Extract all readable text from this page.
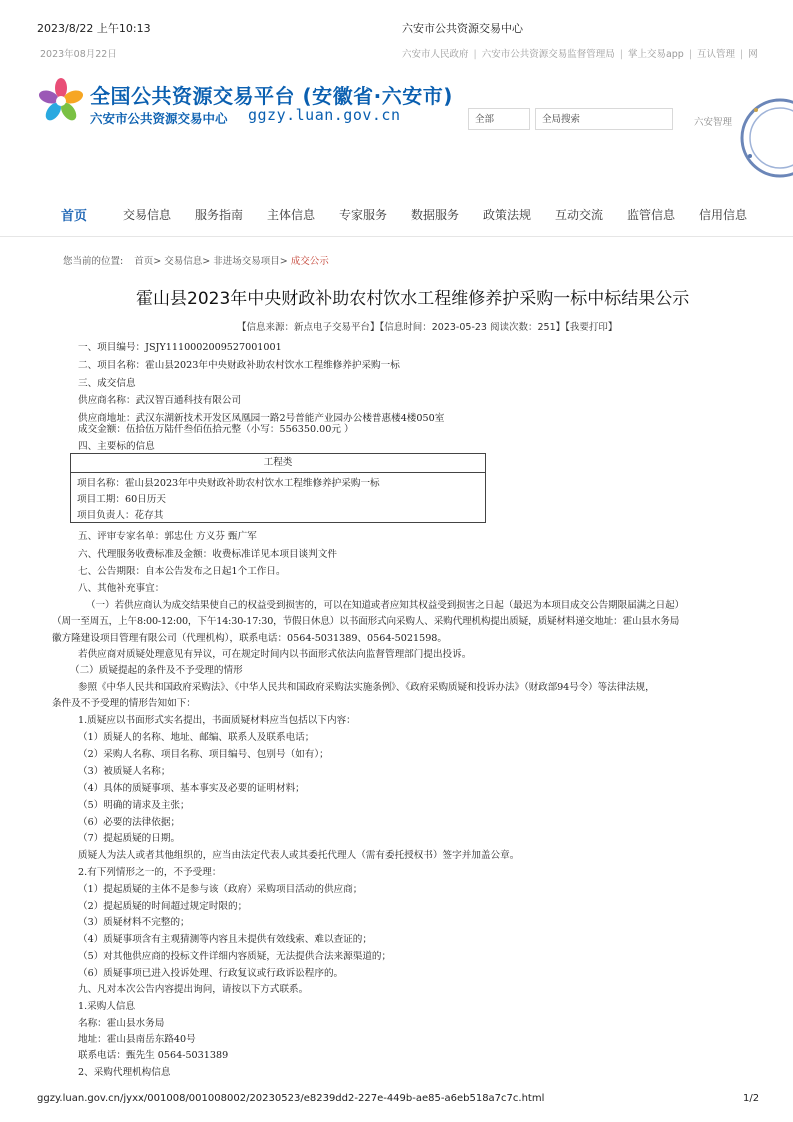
2023/8/22 上午10:13	六安市公共资源交易中心
2023年08月22日	六安市人民政府 | 六安市公共资源交易监督管理局 | 掌上交易app | 互认管理 | 网
全国公共资源交易平台 (安徽省·六安市)
六安市公共资源交易中心 ggzy.luan.gov.cn	全部	全局搜索	六安智理
首页	交易信息 服务指南 主体信息 专家服务 数据服务 政策法规 互动交流 监管信息 信用信息
您当前的位置: 首页> 交易信息> 非进场交易项目> 成交公示
霍山县2023年中央财政补助农村饮水工程维修养护采购一标中标结果公示
【信息来源：新点电子交易平台】【信息时间：2023-05-23 阅读次数：251】【我要打印】
一、项目编号：JSJY1110002009527001001
二、项目名称：霍山县2023年中央财政补助农村饮水工程维修养护采购一标
三、成交信息
供应商名称：武汉智百通科技有限公司
供应商地址：武汉东湖新技术开发区凤凰园一路2号普能产业园办公楼普惠楼4楼050室
成交金额：伍拾伍万陆仟叁佰伍拾元整（小写：556350.00元 ）
四、主要标的信息
工程类
项目名称：霍山县2023年中央财政补助农村饮水工程维修养护采购一标
项目工期：60日历天
项目负责人：花存其
五、评审专家名单：郭忠仕 方义芬 甄广军
六、代理服务收费标准及金额：收费标准详见本项目谈判文件
七、公告期限：自本公告发布之日起1个工作日。
八、其他补充事宜：
（一）若供应商认为成交结果使自己的权益受到损害的，可以在知道或者应知其权益受到损害之日起（最迟为本项目成交公告期限届满之日起）
（周一至周五，上午8:00-12:00，下午14:30-17:30，节假日休息）以书面形式向采购人、采购代理机构提出质疑，质疑材料递交地址：霍山县水务局
徽方隆建设项目管理有限公司（代理机构），联系电话：0564-5031389、0564-5021598。
若供应商对质疑处理意见有异议，可在规定时间内以书面形式依法向监督管理部门提出投诉。
（二）质疑提起的条件及不予受理的情形
参照《中华人民共和国政府采购法》、《中华人民共和国政府采购法实施条例》、《政府采购质疑和投诉办法》（财政部94号令）等法律法规，
条件及不予受理的情形告知如下：
1.质疑应以书面形式实名提出，书面质疑材料应当包括以下内容：
（1）质疑人的名称、地址、邮编、联系人及联系电话；
（2）采购人名称、项目名称、项目编号、包别号（如有）；
（3）被质疑人名称；
（4）具体的质疑事项、基本事实及必要的证明材料；
（5）明确的请求及主张；
（6）必要的法律依据；
（7）提起质疑的日期。
质疑人为法人或者其他组织的，应当由法定代表人或其委托代理人（需有委托授权书）签字并加盖公章。
2.有下列情形之一的，不予受理：
（1）提起质疑的主体不是参与该（政府）采购项目活动的供应商；
（2）提起质疑的时间超过规定时限的；
（3）质疑材料不完整的；
（4）质疑事项含有主观猜测等内容且未提供有效线索、难以查证的；
（5）对其他供应商的投标文件详细内容质疑，无法提供合法来源渠道的；
（6）质疑事项已进入投诉处理、行政复议或行政诉讼程序的。
九、凡对本次公告内容提出询问，请按以下方式联系。
1.采购人信息
名称：霍山县水务局
地址：霍山县南岳东路40号
联系电话：甄先生 0564-5031389
2、采购代理机构信息
ggzy.luan.gov.cn/jyxx/001008/001008002/20230523/e8239dd2-227e-449b-ae85-a6eb518a7c7c.html	1/2
